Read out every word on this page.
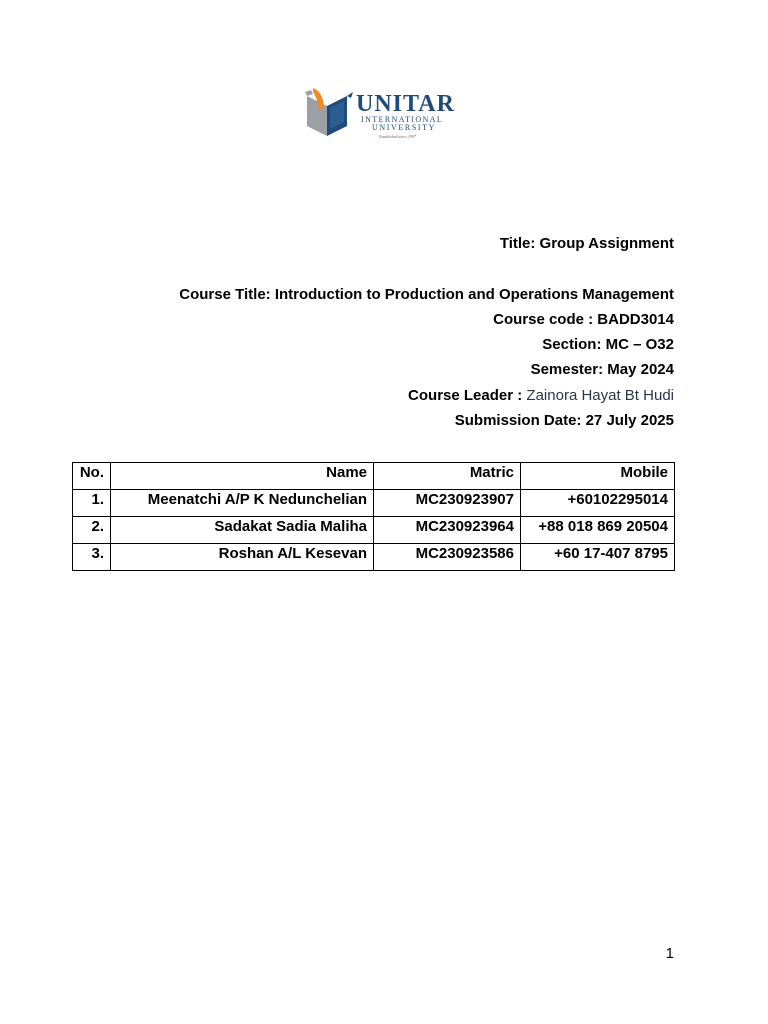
UNITAR
INTERNATIONAL
UNIVERSITY
Established since 1997
Title: Group Assignment
Course Title: Introduction to Production and Operations Management
Course code : BADD3014
Section: MC – O32
Semester: May 2024
Course Leader : Zainora Hayat Bt Hudi
Submission Date: 27 July 2025
No.	Name	Matric	Mobile
1.	Meenatchi A/P K Nedunchelian	MC230923907	+60102295014
2.	Sadakat Sadia Maliha	MC230923964	+88 018 869 20504
3.	Roshan A/L Kesevan	MC230923586	+60 17-407 8795
1
